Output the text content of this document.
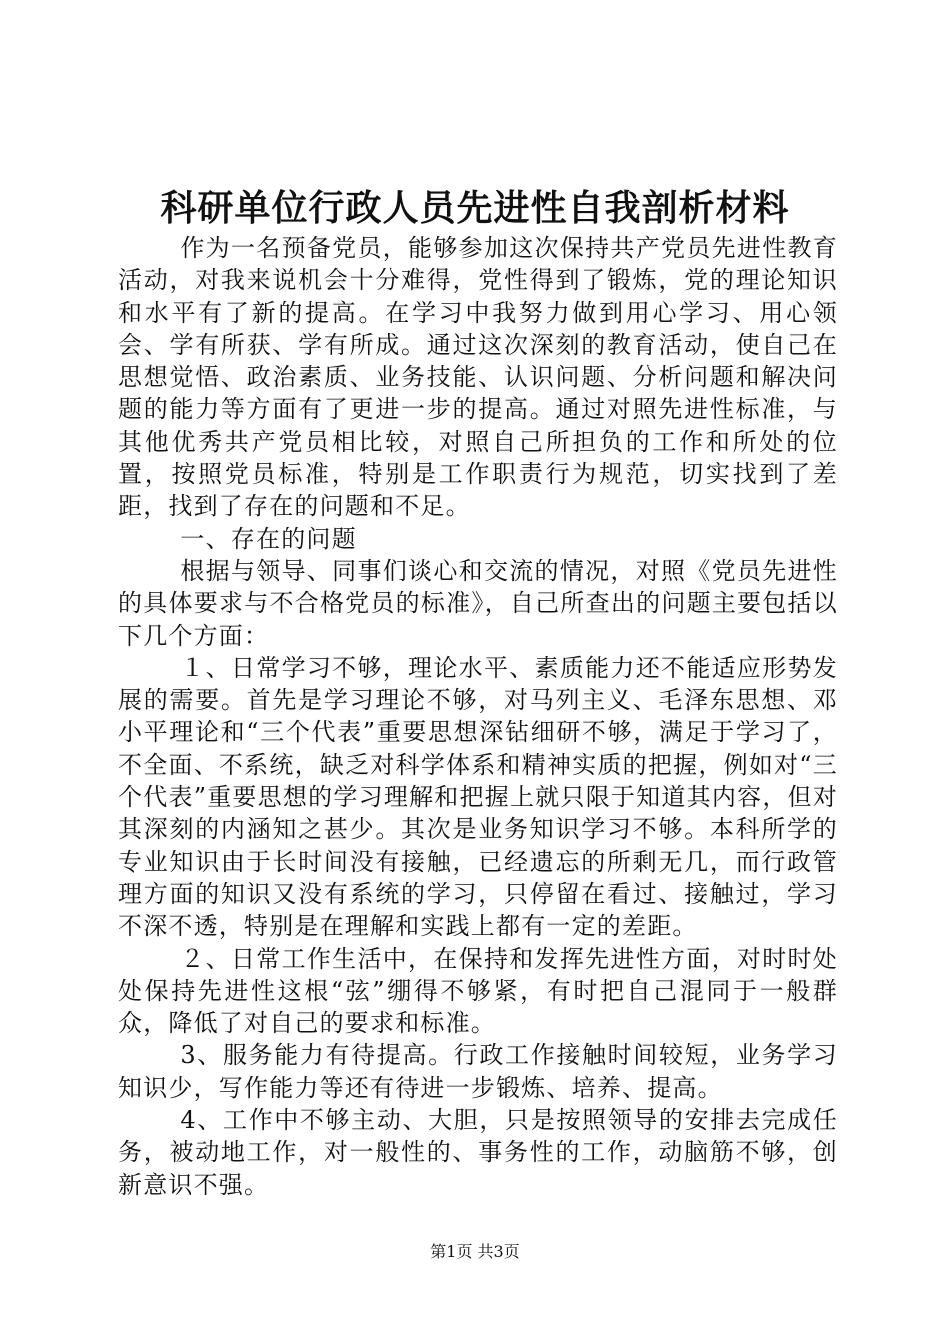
科研单位行政人员先进性自我剖析材料

作为一名预备党员，能够参加这次保持共产党员先进性教育活动，对我来说机会十分难得，党性得到了锻炼，党的理论知识和水平有了新的提高。在学习中我努力做到用心学习、用心领会、学有所获、学有所成。通过这次深刻的教育活动，使自己在思想觉悟、政治素质、业务技能、认识问题、分析问题和解决问题的能力等方面有了更进一步的提高。通过对照先进性标准，与其他优秀共产党员相比较，对照自己所担负的工作和所处的位置，按照党员标准，特别是工作职责行为规范，切实找到了差距，找到了存在的问题和不足。

一、存在的问题

根据与领导、同事们谈心和交流的情况，对照《党员先进性的具体要求与不合格党员的标准》，自己所查出的问题主要包括以下几个方面：

１、日常学习不够，理论水平、素质能力还不能适应形势发展的需要。首先是学习理论不够，对马列主义、毛泽东思想、邓小平理论和“三个代表”重要思想深钻细研不够，满足于学习了，不全面、不系统，缺乏对科学体系和精神实质的把握，例如对“三个代表”重要思想的学习理解和把握上就只限于知道其内容，但对其深刻的内涵知之甚少。其次是业务知识学习不够。本科所学的专业知识由于长时间没有接触，已经遗忘的所剩无几，而行政管理方面的知识又没有系统的学习，只停留在看过、接触过，学习不深不透，特别是在理解和实践上都有一定的差距。

２、日常工作生活中，在保持和发挥先进性方面，对时时处处保持先进性这根“弦”绷得不够紧，有时把自己混同于一般群众，降低了对自己的要求和标准。

3、服务能力有待提高。行政工作接触时间较短，业务学习知识少，写作能力等还有待进一步锻炼、培养、提高。

4、工作中不够主动、大胆，只是按照领导的安排去完成任务，被动地工作，对一般性的、事务性的工作，动脑筋不够，创新意识不强。

第1页 共3页
